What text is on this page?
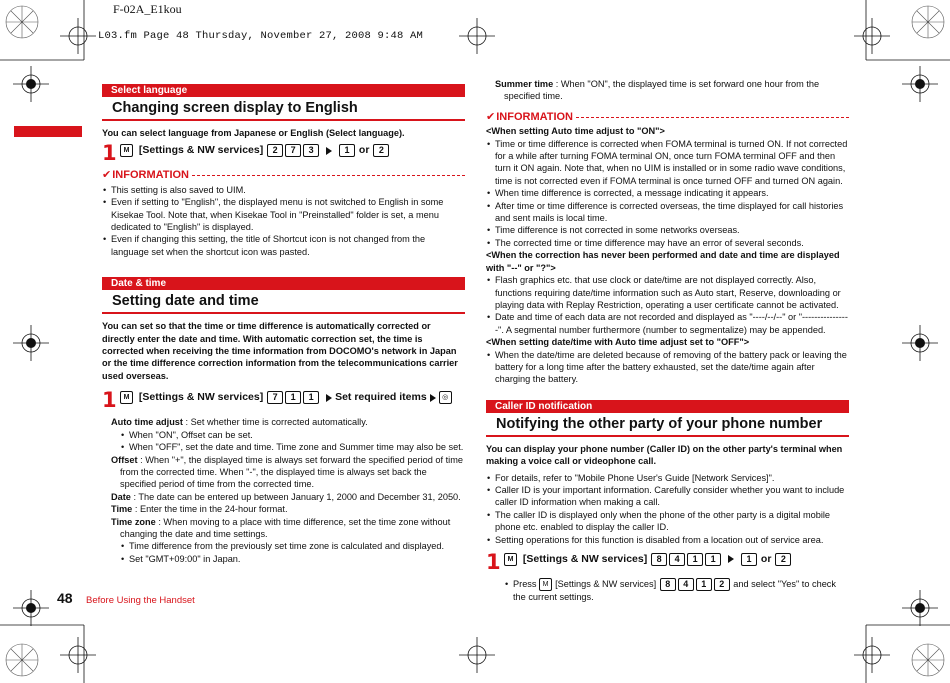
F-02A_E1kou
L03.fm Page 48 Thursday, November 27, 2008 9:48 AM
Select language
Changing screen display to English
You can select language from Japanese or English (Select language).
1 M [Settings & NW services] 2 7 3	1 or 2
✔ INFORMATION

• This setting is also saved to UIM.

• Even if setting to "English", the displayed menu is not switched to English in some Kisekae Tool. Note that, when Kisekae Tool in "Preinstalled" folder is set, a menu dedicated to "English" is displayed.

• Even if changing this setting, the title of Shortcut icon is not changed from the language set when the shortcut icon was pasted.

Date & time
Setting date and time
You can set so that the time or time difference is automatically corrected or directly enter the date and time. With automatic correction set, the time is corrected when receiving the time information from DOCOMO's network in Japan or the time difference correction information from the telecommunications carrier used overseas.
1 M [Settings & NW services] 7 1 1 Set required items ◎

Auto time adjust : Set whether time is corrected automatically.

• When "ON", Offset can be set.

• When "OFF", set the date and time. Time zone and Summer time may also be set.

Offset : When "+", the displayed time is always set forward the specified period of time from the corrected time. When "-", the displayed time is always set back the specified period of time from the corrected time.

Date : The date can be entered up between January 1, 2000 and December 31, 2050.

Time : Enter the time in the 24-hour format.

Time zone : When moving to a place with time difference, set the time zone without changing the date and time settings.

• Time difference from the previously set time zone is calculated and displayed.

• Set "GMT+09:00" in Japan.

Summer time : When "ON", the displayed time is set forward one hour from the specified time.

✔ INFORMATION

<When setting Auto time adjust to "ON">

• Time or time difference is corrected when FOMA terminal is turned ON. If not corrected for a while after turning FOMA terminal ON, once turn FOMA terminal OFF and then turn it ON again. Note that, when no UIM is installed or in some radio wave conditions, time is not corrected even if FOMA terminal is once turned OFF and turned ON again.

• When time difference is corrected, a message indicating it appears.

• After time or time difference is corrected overseas, the time displayed for call histories and sent mails is local time.

• Time difference is not corrected in some networks overseas.

• The corrected time or time difference may have an error of several seconds.

<When the correction has never been performed and date and time are displayed with "--" or "?">

• Flash graphics etc. that use clock or date/time are not displayed correctly. Also, functions requiring date/time information such as Auto start, Reserve, downloading or playing data with Replay Restriction, operating a user certificate cannot be activated.

• Date and time of each data are not recorded and displayed as "----/--/--" or "----------------". A segmental number furthermore (number to segmentalize) may be appended.

<When setting date/time with Auto time adjust set to "OFF">

• When the date/time are deleted because of removing of the battery pack or leaving the battery for a long time after the battery exhausted, set the date/time again after charging the battery.

Caller ID notification
Notifying the other party of your phone number
You can display your phone number (Caller ID) on the other party's terminal when making a voice call or videophone call.

• For details, refer to "Mobile Phone User's Guide [Network Services]".

• Caller ID is your important information. Carefully consider whether you want to include caller ID information when making a call.

• The caller ID is displayed only when the phone of the other party is a digital mobile phone etc. enabled to display the caller ID.

• Setting operations for this function is disabled from a location out of service area.

1 M [Settings & NW services] 8 4 1 1	1 or 2

• Press M [Settings & NW services] 8 4 1 2 and select "Yes" to check the current settings.

48 Before Using the Handset
